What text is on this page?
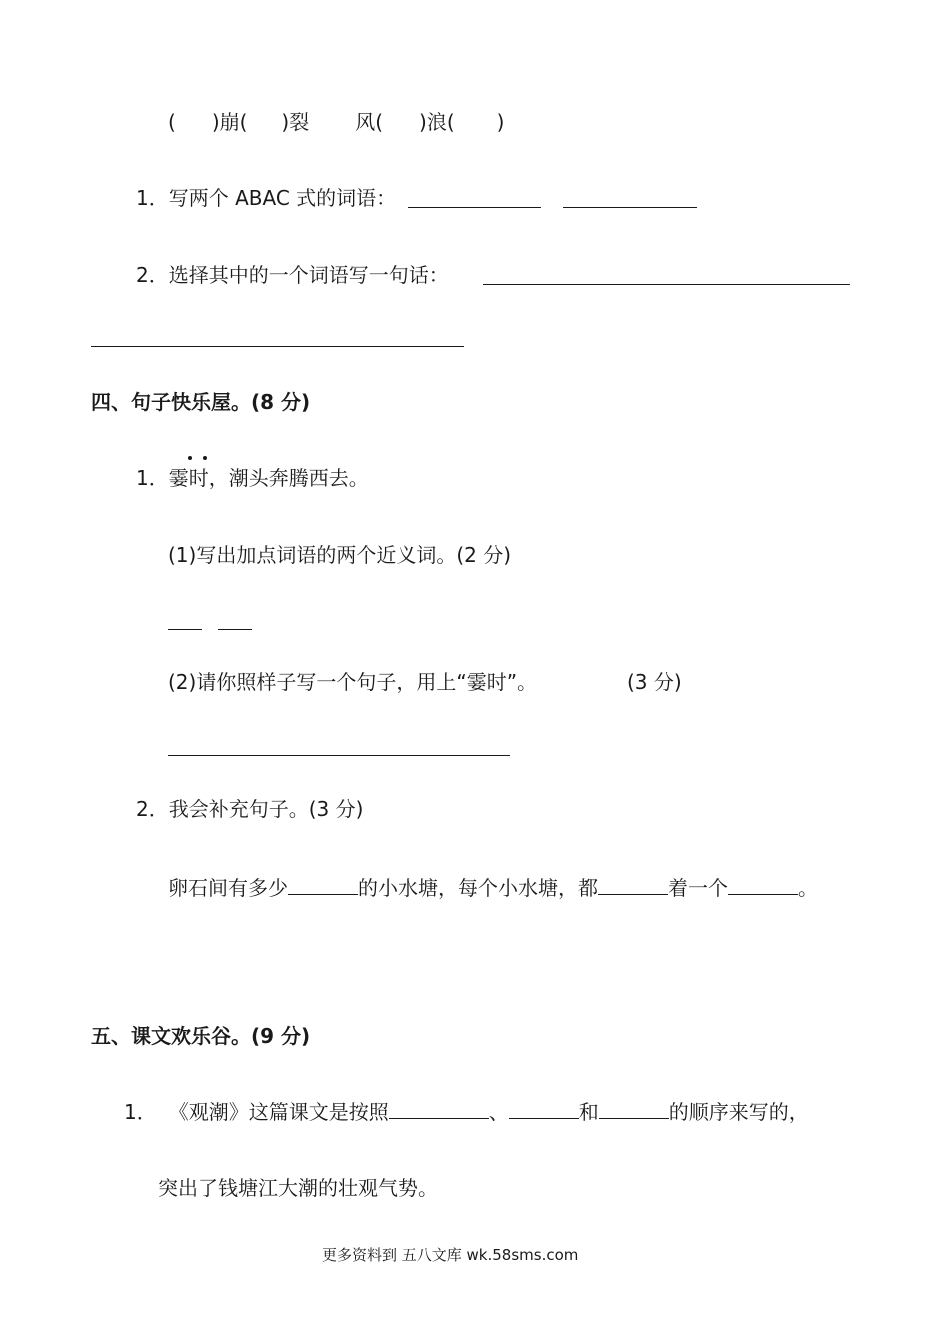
( )崩( )裂 风( )浪( )
1．写两个 ABAC 式的词语：
2．选择其中的一个词语写一句话：
四、句子快乐屋。(8 分)
1．霎时，潮头奔腾西去。
(1)写出加点词语的两个近义词。(2 分)
(2)请你照样子写一个句子，用上“霎时”。	(3 分)
2．我会补充句子。(3 分)
卵石间有多少	的小水塘，每个小水塘，都	着一个	。
五、课文欢乐谷。(9 分)
1． 《观潮》这篇课文是按照	、	和	的顺序来写的，
突出了钱塘江大潮的壮观气势。
更多资料到 五八文库 wk.58sms.com
